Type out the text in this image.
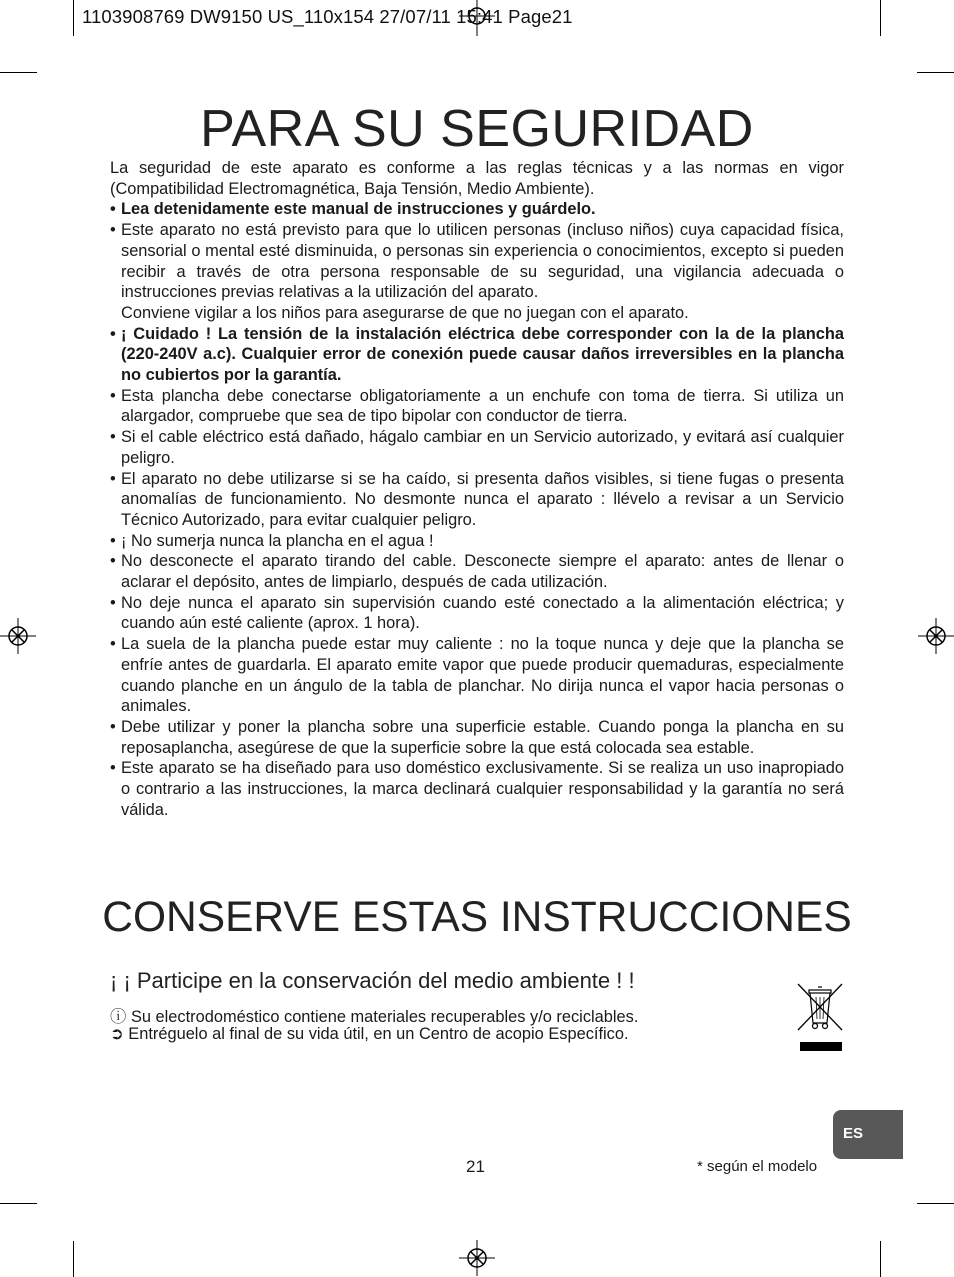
1103908769 DW9150 US_110x154 27/07/11 15:41 Page21
PARA SU SEGURIDAD

La seguridad de este aparato es conforme a las reglas técnicas y a las normas en vigor (Compatibilidad Electromagnética, Baja Tensión, Medio Ambiente).

• Lea detenidamente este manual de instrucciones y guárdelo.
• Este aparato no está previsto para que lo utilicen personas (incluso niños) cuya capacidad física, sensorial o mental esté disminuida, o personas sin experiencia o conocimientos, excepto si pueden recibir a través de otra persona responsable de su seguridad, una vigilancia adecuada o instrucciones previas relativas a la utilización del aparato.
Conviene vigilar a los niños para asegurarse de que no juegan con el aparato.
• ¡ Cuidado ! La tensión de la instalación eléctrica debe corresponder con la de la plancha (220-240V a.c). Cualquier error de conexión puede causar daños irreversibles en la plancha no cubiertos por la garantía.
• Esta plancha debe conectarse obligatoriamente a un enchufe con toma de tierra. Si utiliza un alargador, compruebe que sea de tipo bipolar con conductor de tierra.
• Si el cable eléctrico está dañado, hágalo cambiar en un Servicio autorizado, y evitará así cualquier peligro.
• El aparato no debe utilizarse si se ha caído, si presenta daños visibles, si tiene fugas o presenta anomalías de funcionamiento. No desmonte nunca el aparato : llévelo a revisar a un Servicio Técnico Autorizado, para evitar cualquier peligro.
• ¡ No sumerja nunca la plancha en el agua !
• No desconecte el aparato tirando del cable. Desconecte siempre el aparato: antes de llenar o aclarar el depósito, antes de limpiarlo, después de cada utilización.
• No deje nunca el aparato sin supervisión cuando esté conectado a la alimentación eléctrica; y cuando aún esté caliente (aprox. 1 hora).
• La suela de la plancha puede estar muy caliente : no la toque nunca y deje que la plancha se enfríe antes de guardarla. El aparato emite vapor que puede producir quemaduras, especialmente cuando planche en un ángulo de la tabla de planchar. No dirija nunca el vapor hacia personas o animales.
• Debe utilizar y poner la plancha sobre una superficie estable. Cuando ponga la plancha en su reposaplancha, asegúrese de que la superficie sobre la que está colocada sea estable.
• Este aparato se ha diseñado para uso doméstico exclusivamente. Si se realiza un uso inapropiado o contrario a las instrucciones, la marca declinará cualquier responsabilidad y la garantía no será válida.
CONSERVE ESTAS INSTRUCCIONES
¡ ¡ Participe en la conservación del medio ambiente ! !
ⓘ Su electrodoméstico contiene materiales recuperables y/o reciclables.
➲ Entréguelo al final de su vida útil, en un Centro de acopio Específico.
ES
21	* según el modelo
